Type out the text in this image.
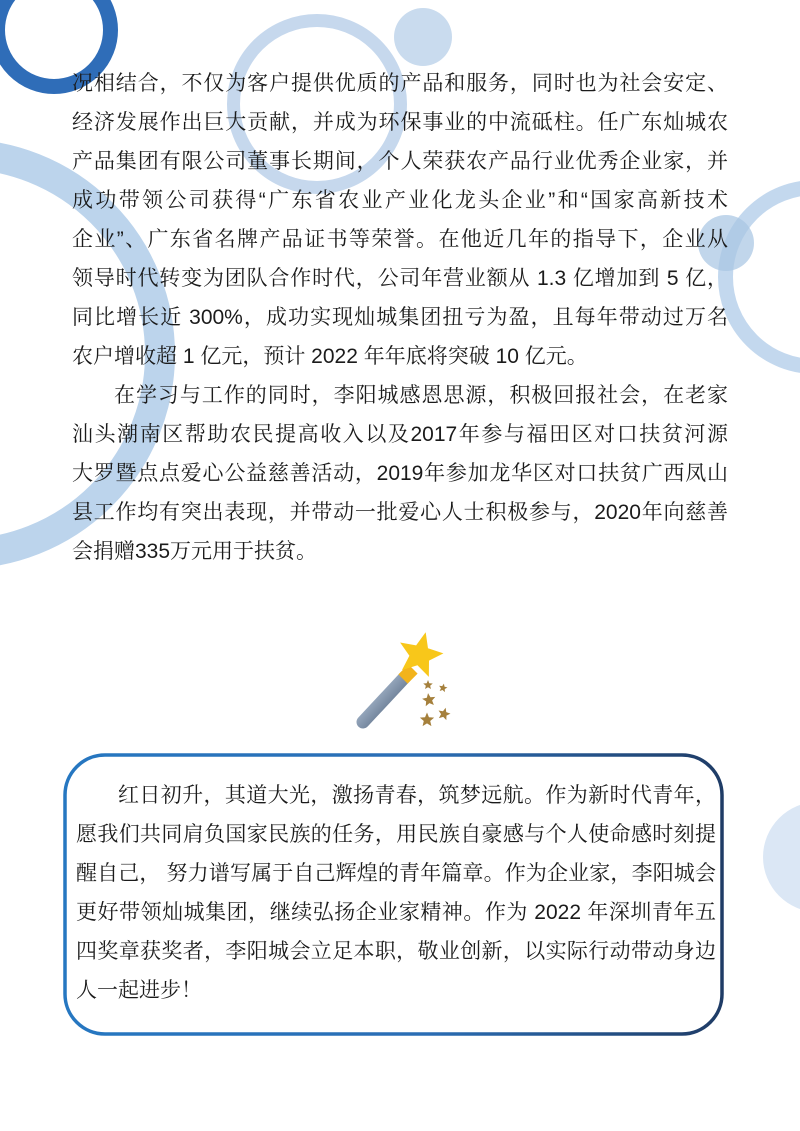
况相结合，不仅为客户提供优质的产品和服务，同时也为社会安定、
经济发展作出巨大贡献，并成为环保事业的中流砥柱。任广东灿城农
产品集团有限公司董事长期间，个人荣获农产品行业优秀企业家，并
成功带领公司获得“广东省农业产业化龙头企业”和“国家高新技术
企业”、广东省名牌产品证书等荣誉。在他近几年的指导下，企业从
领导时代转变为团队合作时代，公司年营业额从 1.3 亿增加到 5 亿，
同比增长近 300%，成功实现灿城集团扭亏为盈，且每年带动过万名
农户增收超 1 亿元，预计 2022 年年底将突破 10 亿元。
在学习与工作的同时，李阳城感恩思源，积极回报社会，在老家
汕头潮南区帮助农民提高收入以及2017年参与福田区对口扶贫河源
大罗暨点点爱心公益慈善活动，2019年参加龙华区对口扶贫广西凤山
县工作均有突出表现，并带动一批爱心人士积极参与，2020年向慈善
会捐赠335万元用于扶贫。
红日初升，其道大光，激扬青春，筑梦远航。作为新时代青年，
愿我们共同肩负国家民族的任务，用民族自豪感与个人使命感时刻提
醒自己， 努力谱写属于自己辉煌的青年篇章。作为企业家，李阳城会
更好带领灿城集团，继续弘扬企业家精神。作为 2022 年深圳青年五
四奖章获奖者，李阳城会立足本职，敬业创新，以实际行动带动身边
人一起进步！
